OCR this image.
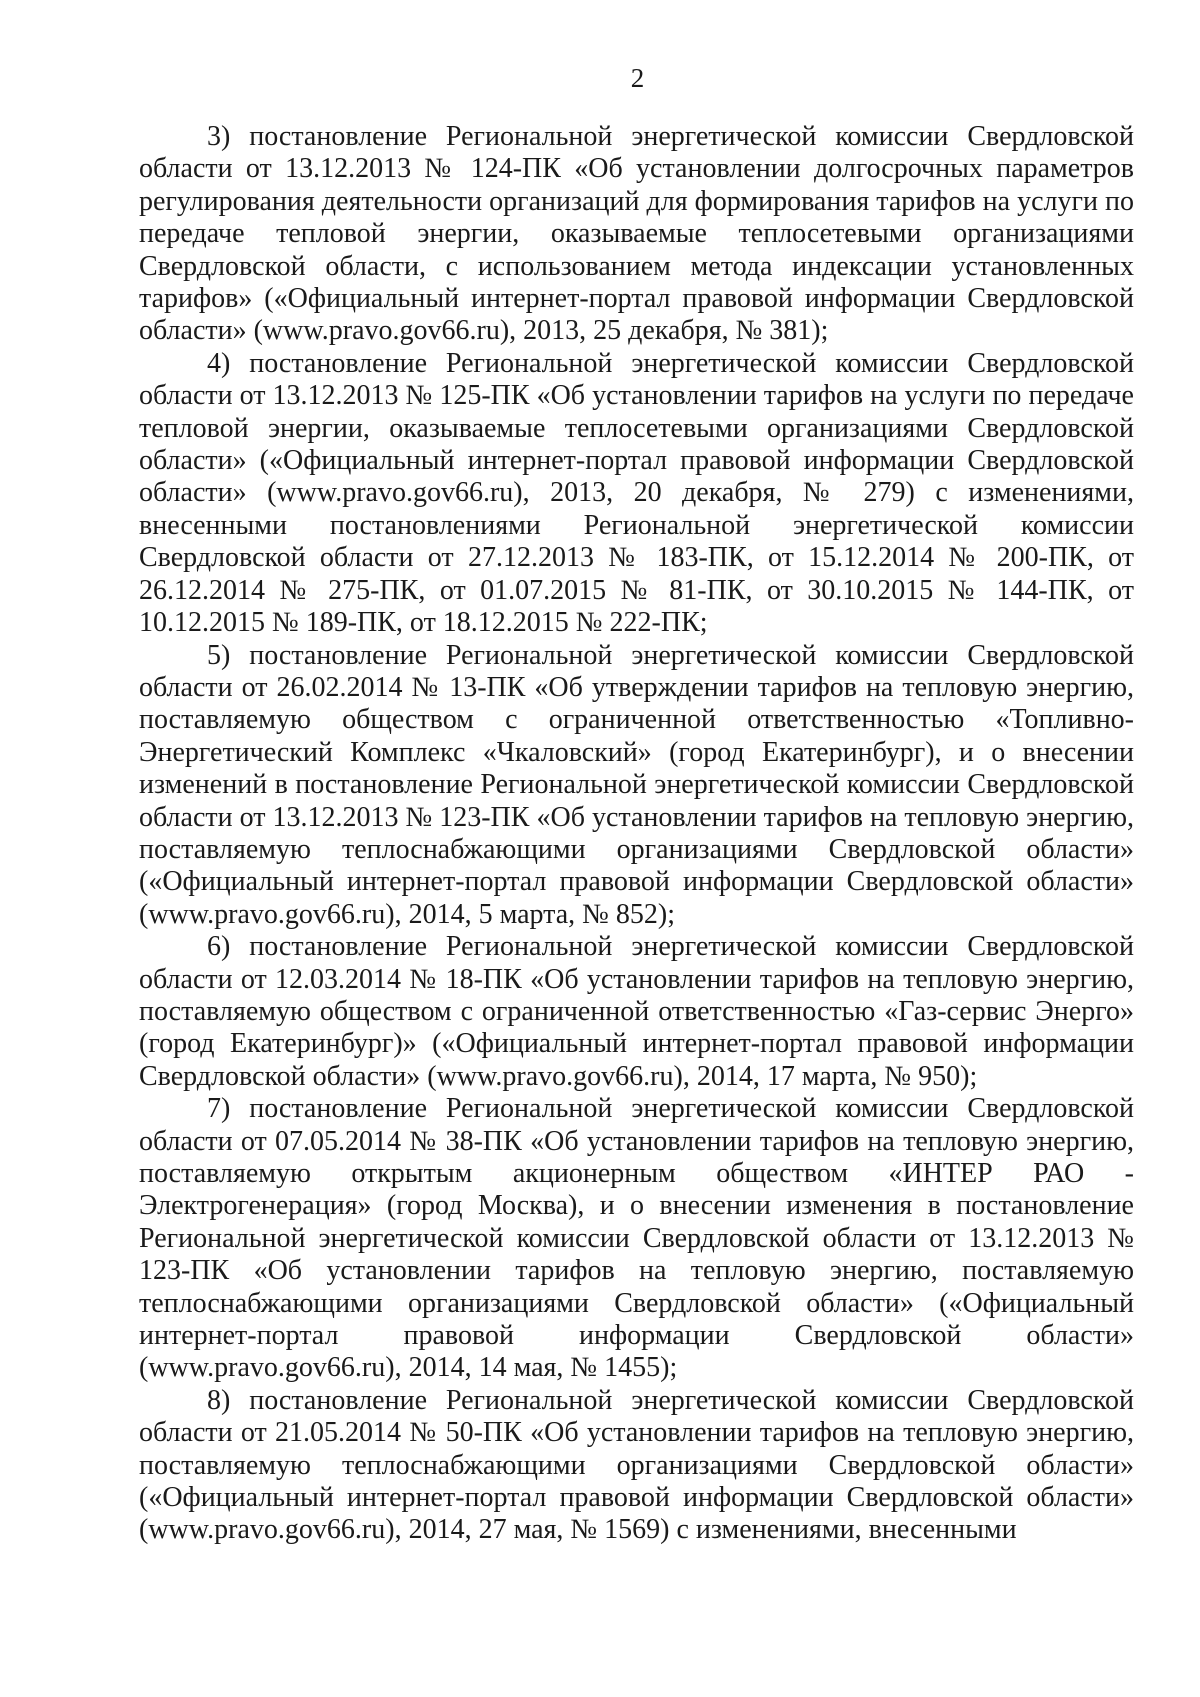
2

3) постановление Региональной энергетической комиссии Свердловской области от 13.12.2013 № 124-ПК «Об установлении долгосрочных параметров регулирования деятельности организаций для формирования тарифов на услуги по передаче тепловой энергии, оказываемые теплосетевыми организациями Свердловской области, с использованием метода индексации установленных тарифов» («Официальный интернет-портал правовой информации Свердловской области» (www.pravo.gov66.ru), 2013, 25 декабря, № 381);

4) постановление Региональной энергетической комиссии Свердловской области от 13.12.2013 № 125-ПК «Об установлении тарифов на услуги по передаче тепловой энергии, оказываемые теплосетевыми организациями Свердловской области» («Официальный интернет-портал правовой информации Свердловской области» (www.pravo.gov66.ru), 2013, 20 декабря, № 279) с изменениями, внесенными постановлениями Региональной энергетической комиссии Свердловской области от 27.12.2013 № 183-ПК, от 15.12.2014 № 200-ПК, от 26.12.2014 № 275-ПК, от 01.07.2015 № 81-ПК, от 30.10.2015 № 144-ПК, от 10.12.2015 № 189-ПК, от 18.12.2015 № 222-ПК;

5) постановление Региональной энергетической комиссии Свердловской области от 26.02.2014 № 13-ПК «Об утверждении тарифов на тепловую энергию, поставляемую обществом с ограниченной ответственностью «Топливно-Энергетический Комплекс «Чкаловский» (город Екатеринбург), и о внесении изменений в постановление Региональной энергетической комиссии Свердловской области от 13.12.2013 № 123-ПК «Об установлении тарифов на тепловую энергию, поставляемую теплоснабжающими организациями Свердловской области» («Официальный интернет-портал правовой информации Свердловской области» (www.pravo.gov66.ru), 2014, 5 марта, № 852);

6) постановление Региональной энергетической комиссии Свердловской области от 12.03.2014 № 18-ПК «Об установлении тарифов на тепловую энергию, поставляемую обществом с ограниченной ответственностью «Газ-сервис Энерго» (город Екатеринбург)» («Официальный интернет-портал правовой информации Свердловской области» (www.pravo.gov66.ru), 2014, 17 марта, № 950);

7) постановление Региональной энергетической комиссии Свердловской области от 07.05.2014 № 38-ПК «Об установлении тарифов на тепловую энергию, поставляемую открытым акционерным обществом «ИНТЕР РАО - Электрогенерация» (город Москва), и о внесении изменения в постановление Региональной энергетической комиссии Свердловской области от 13.12.2013 № 123-ПК «Об установлении тарифов на тепловую энергию, поставляемую теплоснабжающими организациями Свердловской области» («Официальный интернет-портал правовой информации Свердловской области» (www.pravo.gov66.ru), 2014, 14 мая, № 1455);

8) постановление Региональной энергетической комиссии Свердловской области от 21.05.2014 № 50-ПК «Об установлении тарифов на тепловую энергию, поставляемую теплоснабжающими организациями Свердловской области» («Официальный интернет-портал правовой информации Свердловской области» (www.pravo.gov66.ru), 2014, 27 мая, № 1569) с изменениями, внесенными
